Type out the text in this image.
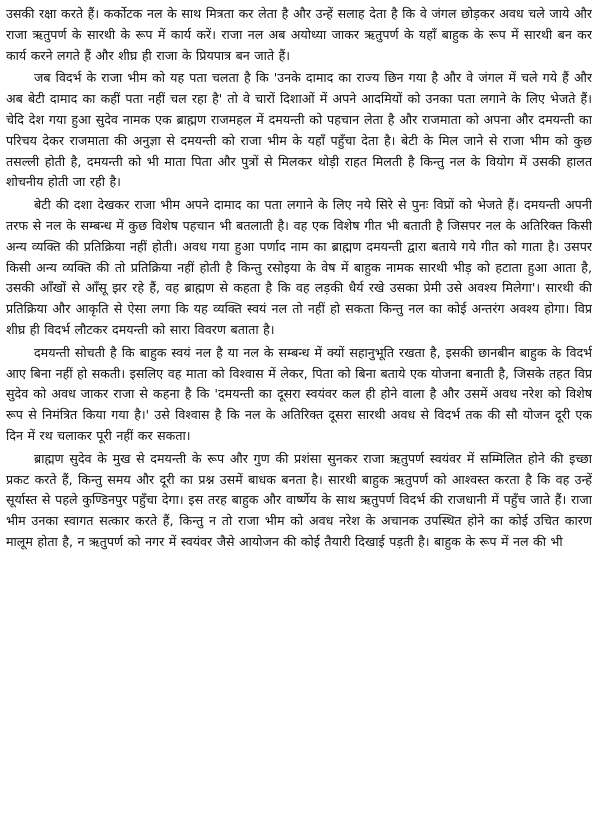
उसकी रक्षा करते हैं। कर्कोटक नल के साथ मित्रता कर लेता है और उन्हें सलाह देता है कि वे जंगल छोड़कर अवध चले जाये और राजा ऋतुपर्ण के सारथी के रूप में कार्य करें। राजा नल अब अयोध्या जाकर ऋतुपर्ण के यहाँ बाहुक के रूप में सारथी बन कर कार्य करने लगते हैं और शीघ्र ही राजा के प्रियपात्र बन जाते हैं।

जब विदर्भ के राजा भीम को यह पता चलता है कि 'उनके दामाद का राज्य छिन गया है और वे जंगल में चले गये हैं और अब बेटी दामाद का कहीं पता नहीं चल रहा है' तो वे चारों दिशाओं में अपने आदमियों को उनका पता लगाने के लिए भेजते हैं। चेदि देश गया हुआ सुदेव नामक एक ब्राह्मण राजमहल में दमयन्ती को पहचान लेता है और राजमाता को अपना और दमयन्ती का परिचय देकर राजमाता की अनुज्ञा से दमयन्ती को राजा भीम के यहाँ पहुँचा देता है। बेटी के मिल जाने से राजा भीम को कुछ तसल्ली होती है, दमयन्ती को भी माता पिता और पुत्रों से मिलकर थोड़ी राहत मिलती है किन्तु नल के वियोग में उसकी हालत शोचनीय होती जा रही है।

बेटी की दशा देखकर राजा भीम अपने दामाद का पता लगाने के लिए नये सिरे से पुनः विप्रों को भेजते हैं। दमयन्ती अपनी तरफ से नल के सम्बन्ध में कुछ विशेष पहचान भी बतलाती है। वह एक विशेष गीत भी बताती है जिसपर नल के अतिरिक्त किसी अन्य व्यक्ति की प्रतिक्रिया नहीं होती। अवध गया हुआ पर्णाद नाम का ब्राह्मण दमयन्ती द्वारा बताये गये गीत को गाता है। उसपर किसी अन्य व्यक्ति की तो प्रतिक्रिया नहीं होती है किन्तु रसोइया के वेष में बाहुक नामक सारथी भीड़ को हटाता हुआ आता है, उसकी आँखों से आँसू झर रहे हैं, वह ब्राह्मण से कहता है कि वह लड़की धैर्य रखे उसका प्रेमी उसे अवश्य मिलेगा'। सारथी की प्रतिक्रिया और आकृति से ऐसा लगा कि यह व्यक्ति स्वयं नल तो नहीं हो सकता किन्तु नल का कोई अन्तरंग अवश्य होगा। विप्र शीघ्र ही विदर्भ लौटकर दमयन्ती को सारा विवरण बताता है।

दमयन्ती सोचती है कि बाहुक स्वयं नल है या नल के सम्बन्ध में क्यों सहानुभूति रखता है, इसकी छानबीन बाहुक के विदर्भ आए बिना नहीं हो सकती। इसलिए वह माता को विश्वास में लेकर, पिता को बिना बताये एक योजना बनाती है, जिसके तहत विप्र सुदेव को अवध जाकर राजा से कहना है कि 'दमयन्ती का दूसरा स्वयंवर कल ही होने वाला है और उसमें अवध नरेश को विशेष रूप से निमंत्रित किया गया है।' उसे विश्वास है कि नल के अतिरिक्त दूसरा सारथी अवध से विदर्भ तक की सौ योजन दूरी एक दिन में रथ चलाकर पूरी नहीं कर सकता।

ब्राह्मण सुदेव के मुख से दमयन्ती के रूप और गुण की प्रशंसा सुनकर राजा ऋतुपर्ण स्वयंवर में सम्मिलित होने की इच्छा प्रकट करते हैं, किन्तु समय और दूरी का प्रश्न उसमें बाधक बनता है। सारथी बाहुक ऋतुपर्ण को आश्वस्त करता है कि वह उन्हें सूर्यास्त से पहले कुण्डिनपुर पहुँचा देगा। इस तरह बाहुक और वार्ष्णेय के साथ ऋतुपर्ण विदर्भ की राजधानी में पहुँच जाते हैं। राजा भीम उनका स्वागत सत्कार करते हैं, किन्तु न तो राजा भीम को अवध नरेश के अचानक उपस्थित होने का कोई उचित कारण मालूम होता है, न ऋतुपर्ण को नगर में स्वयंवर जैसे आयोजन की कोई तैयारी दिखाई पड़ती है। बाहुक के रूप में नल की भी
